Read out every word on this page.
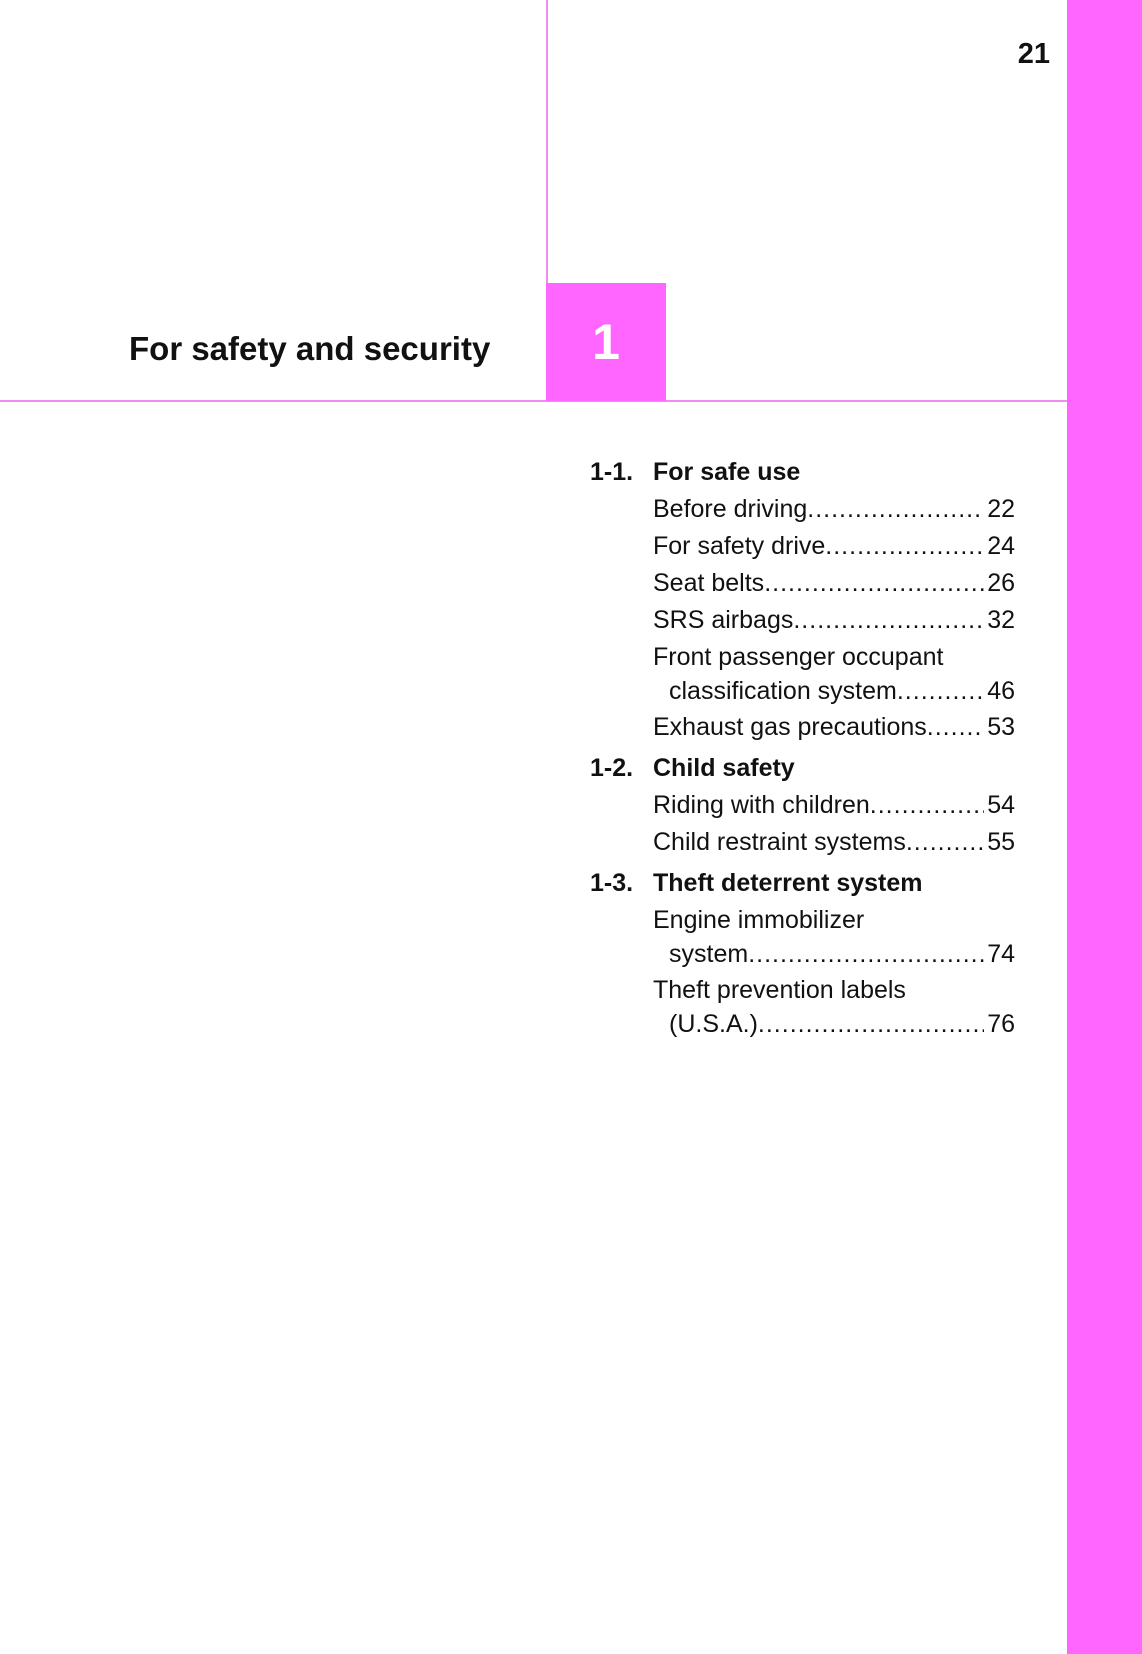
21
For safety and security 1
1-1. For safe use
Before driving .....	22
For safety drive .....	24
Seat belts .....	26
SRS airbags .....	32
Front passenger occupant
classification system .....	46
Exhaust gas precautions ..... 53
1-2. Child safety
Riding with children .....	54
Child restraint systems .....	55
1-3. Theft deterrent system
Engine immobilizer
system .....	74
Theft prevention labels
(U.S.A.) .....	76
